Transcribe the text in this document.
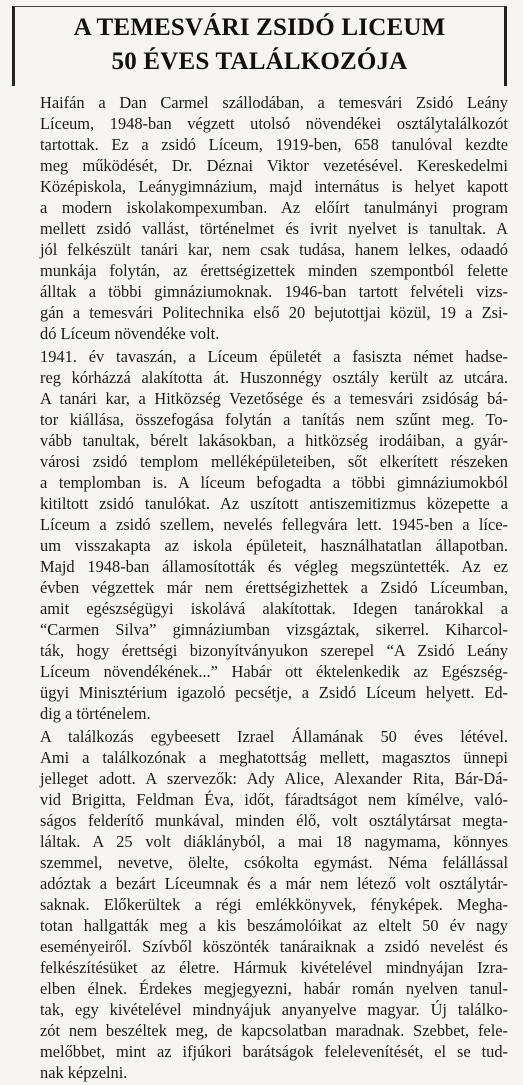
A TEMESVÁRI ZSIDÓ LICEUM
50 ÉVES TALÁLKOZÓJA

Haifán a Dan Carmel szállodában, a temesvári Zsidó Leány
Líceum, 1948-ban végzett utolsó növendékei osztálytalálkozót
tartottak. Ez a zsidó Líceum, 1919-ben, 658 tanulóval kezdte
meg működését, Dr. Déznai Viktor vezetésével. Kereskedelmi
Középiskola, Leánygimnázium, majd internátus is helyet kapott
a modern iskolakompexumban. Az előírt tanulmányi program
mellett zsidó vallást, történelmet és ivrit nyelvet is tanultak. A
jól felkészült tanári kar, nem csak tudása, hanem lelkes, odaadó
munkája folytán, az érettségizettek minden szempontból felette
álltak a többi gimnáziumoknak. 1946-ban tartott felvételi vizs-
gán a temesvári Politechnika első 20 bejutottjai közül, 19 a Zsi-
dó Líceum növendéke volt.

1941. év tavaszán, a Líceum épületét a fasiszta német hadse-
reg kórházzá alakította át. Huszonnégy osztály került az utcára.
A tanári kar, a Hitközség Vezetősége és a temesvári zsidóság bá-
tor kiállása, összefogása folytán a tanítás nem szűnt meg. To-
vább tanultak, bérelt lakásokban, a hitközség irodáiban, a gyár-
városi zsidó templom melléképületeiben, sőt elkerített részeken
a templomban is. A líceum befogadta a többi gimnáziumokból
kitiltott zsidó tanulókat. Az uszított antiszemitizmus közepette a
Líceum a zsidó szellem, nevelés fellegvára lett. 1945-ben a líce-
um visszakapta az iskola épületeit, használhatatlan állapotban.
Majd 1948-ban államosították és végleg megszüntették. Az ez
évben végzettek már nem érettségizhettek a Zsidó Líceumban,
amit egészségügyi iskolává alakítottak. Idegen tanárokkal a
“Carmen Silva” gimnáziumban vizsgáztak, sikerrel. Kiharcol-
ták, hogy érettségi bizonyítványukon szerepel “A Zsidó Leány
Líceum növendékének...” Habár ott éktelenkedik az Egészség-
ügyi Minisztérium igazoló pecsétje, a Zsidó Líceum helyett. Ed-
dig a történelem.

A találkozás egybeesett Izrael Államának 50 éves létével.
Ami a találkozónak a meghatottság mellett, magasztos ünnepi
jelleget adott. A szervezők: Ady Alice, Alexander Rita, Bár-Dá-
vid Brigitta, Feldman Éva, időt, fáradtságot nem kímélve, való-
ságos felderítő munkával, minden élő, volt osztálytársat megta-
láltak. A 25 volt diáklányból, a mai 18 nagymama, könnyes
szemmel, nevetve, ölelte, csókolta egymást. Néma felállással
adóztak a bezárt Líceumnak és a már nem létező volt osztálytár-
saknak. Előkerültek a régi emlékkönyvek, fényképek. Megha-
totan hallgatták meg a kis beszámolóikat az eltelt 50 év nagy
eseményeiről. Szívből köszönték tanáraiknak a zsidó nevelést és
felkészítésüket az életre. Hármuk kivételével mindnyájan Izra-
elben élnek. Érdekes megjegyezni, habár román nyelven tanul-
tak, egy kivételével mindnyájuk anyanyelve magyar. Új találko-
zót nem beszéltek meg, de kapcsolatban maradnak. Szebbet, fele-
melőbbet, mint az ifjúkori barátságok felelevenítését, el se tud-
nak képzelni.
